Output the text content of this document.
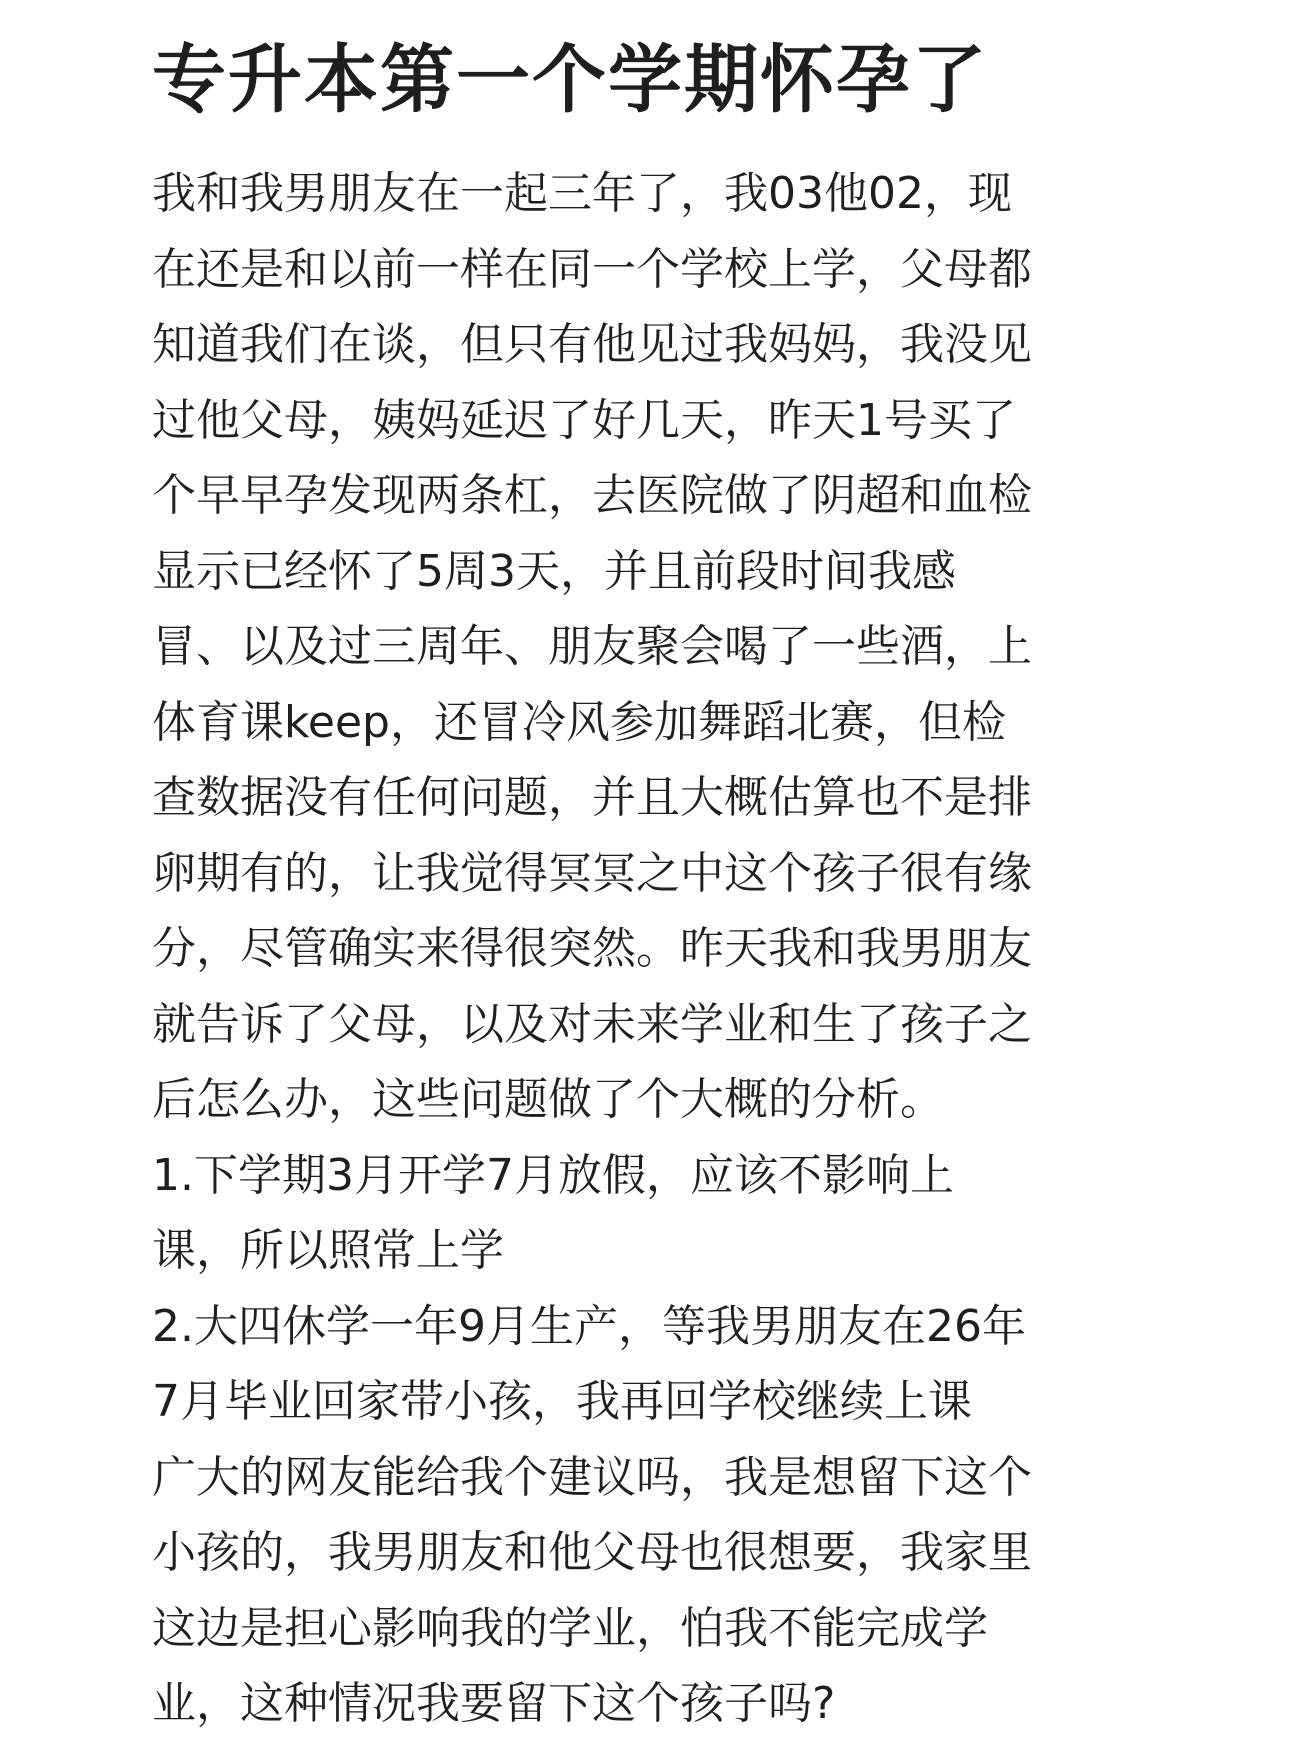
专升本第一个学期怀孕了
我和我男朋友在一起三年了，我03他02，现
在还是和以前一样在同一个学校上学，父母都
知道我们在谈，但只有他见过我妈妈，我没见
过他父母，姨妈延迟了好几天，昨天1号买了
个早早孕发现两条杠，去医院做了阴超和血检
显示已经怀了5周3天，并且前段时间我感
冒、以及过三周年、朋友聚会喝了一些酒，上
体育课keep，还冒冷风参加舞蹈北赛，但检
查数据没有任何问题，并且大概估算也不是排
卵期有的，让我觉得冥冥之中这个孩子很有缘
分，尽管确实来得很突然。昨天我和我男朋友
就告诉了父母，以及对未来学业和生了孩子之
后怎么办，这些问题做了个大概的分析。
1.下学期3月开学7月放假，应该不影响上
课，所以照常上学
2.大四休学一年9月生产，等我男朋友在26年
7月毕业回家带小孩，我再回学校继续上课
广大的网友能给我个建议吗，我是想留下这个
小孩的，我男朋友和他父母也很想要，我家里
这边是担心影响我的学业，怕我不能完成学
业，这种情况我要留下这个孩子吗?
